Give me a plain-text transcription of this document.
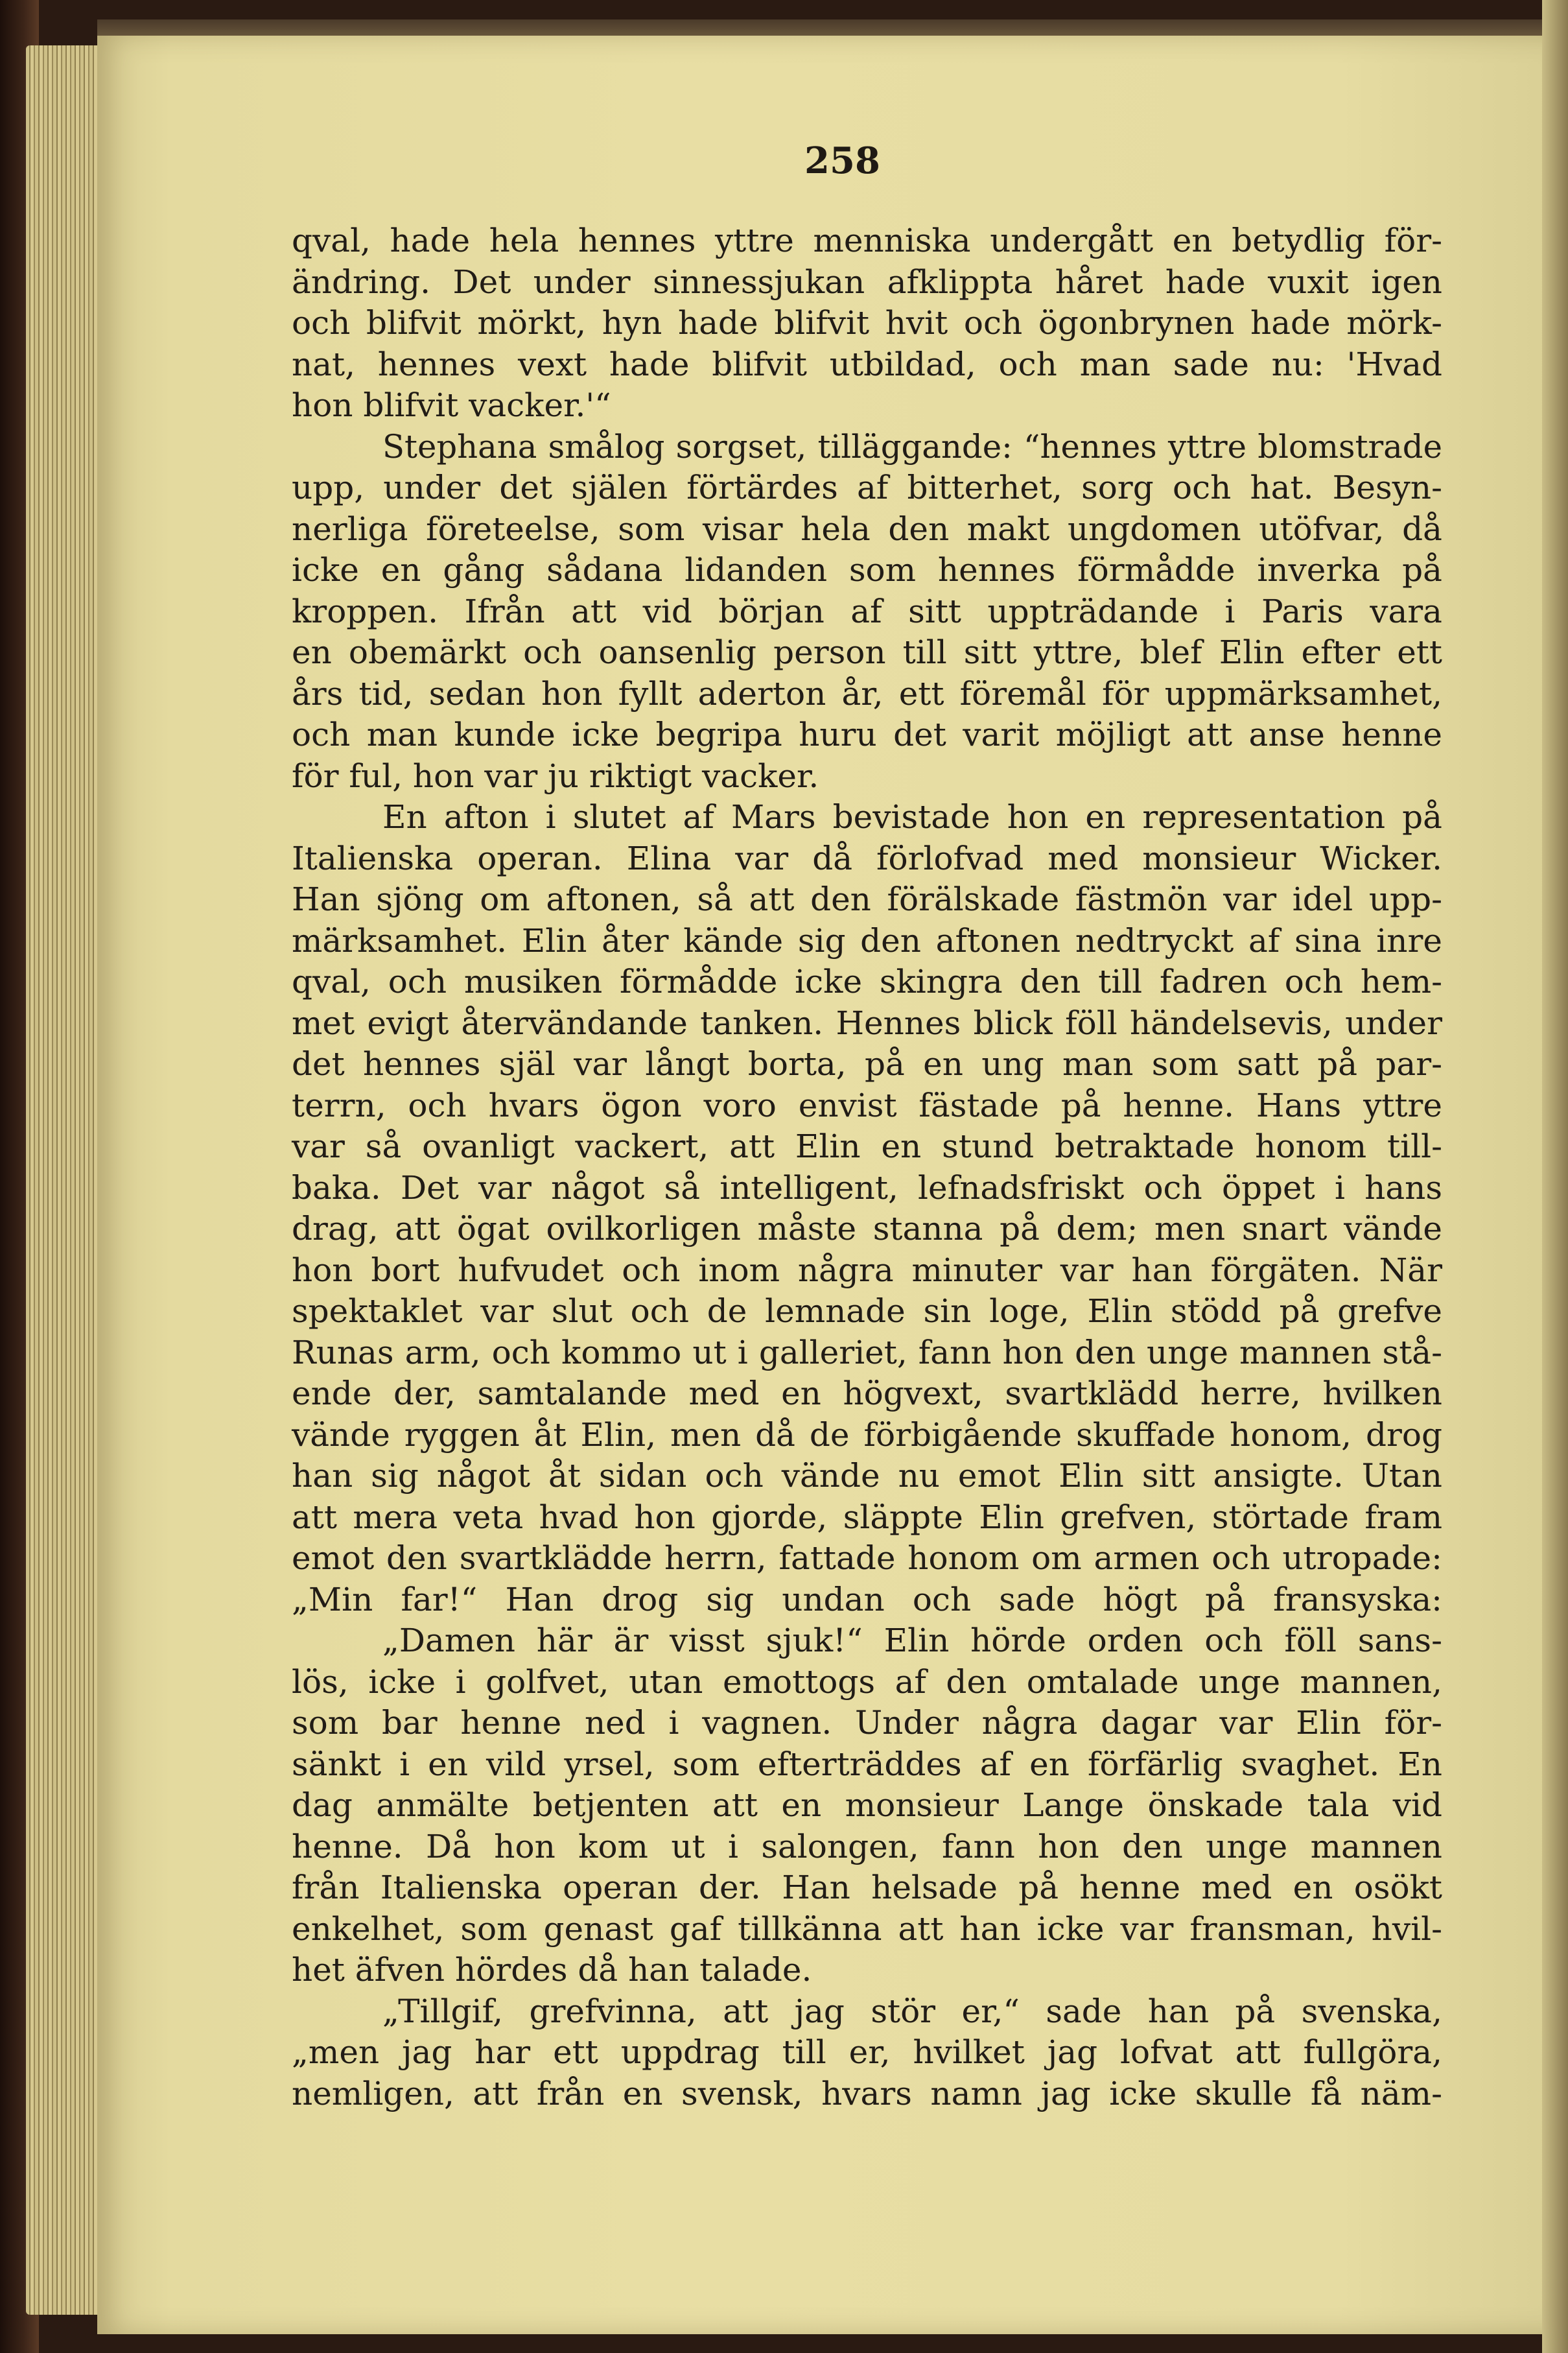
258
qval, hade hela hennes yttre menniska undergått en betydlig för-
ändring. Det under sinnessjukan afklippta håret hade vuxit igen
och blifvit mörkt, hyn hade blifvit hvit och ögonbrynen hade mörk-
nat, hennes vext hade blifvit utbildad, och man sade nu: 'Hvad
hon blifvit vacker.'“
Stephana smålog sorgset, tilläggande: “hennes yttre blomstrade
upp, under det själen förtärdes af bitterhet, sorg och hat. Besyn-
nerliga företeelse, som visar hela den makt ungdomen utöfvar, då
icke en gång sådana lidanden som hennes förmådde inverka på
kroppen. Ifrån att vid början af sitt uppträdande i Paris vara
en obemärkt och oansenlig person till sitt yttre, blef Elin efter ett
års tid, sedan hon fyllt aderton år, ett föremål för uppmärksamhet,
och man kunde icke begripa huru det varit möjligt att anse henne
för ful, hon var ju riktigt vacker.
En afton i slutet af Mars bevistade hon en representation på
Italienska operan. Elina var då förlofvad med monsieur Wicker.
Han sjöng om aftonen, så att den förälskade fästmön var idel upp-
märksamhet. Elin åter kände sig den aftonen nedtryckt af sina inre
qval, och musiken förmådde icke skingra den till fadren och hem-
met evigt återvändande tanken. Hennes blick föll händelsevis, under
det hennes själ var långt borta, på en ung man som satt på par-
terrn, och hvars ögon voro envist fästade på henne. Hans yttre
var så ovanligt vackert, att Elin en stund betraktade honom till-
baka. Det var något så intelligent, lefnadsfriskt och öppet i hans
drag, att ögat ovilkorligen måste stanna på dem; men snart vände
hon bort hufvudet och inom några minuter var han förgäten. När
spektaklet var slut och de lemnade sin loge, Elin stödd på grefve
Runas arm, och kommo ut i galleriet, fann hon den unge mannen stå-
ende der, samtalande med en högvext, svartklädd herre, hvilken
vände ryggen åt Elin, men då de förbigående skuffade honom, drog
han sig något åt sidan och vände nu emot Elin sitt ansigte. Utan
att mera veta hvad hon gjorde, släppte Elin grefven, störtade fram
emot den svartklädde herrn, fattade honom om armen och utropade:
„Min far!“ Han drog sig undan och sade högt på fransyska:
„Damen här är visst sjuk!“ Elin hörde orden och föll sans-
lös, icke i golfvet, utan emottogs af den omtalade unge mannen,
som bar henne ned i vagnen. Under några dagar var Elin för-
sänkt i en vild yrsel, som efterträddes af en förfärlig svaghet. En
dag anmälte betjenten att en monsieur Lange önskade tala vid
henne. Då hon kom ut i salongen, fann hon den unge mannen
från Italienska operan der. Han helsade på henne med en osökt
enkelhet, som genast gaf tillkänna att han icke var fransman, hvil-
het äfven hördes då han talade.
„Tillgif, grefvinna, att jag stör er,“ sade han på svenska,
„men jag har ett uppdrag till er, hvilket jag lofvat att fullgöra,
nemligen, att från en svensk, hvars namn jag icke skulle få näm-
